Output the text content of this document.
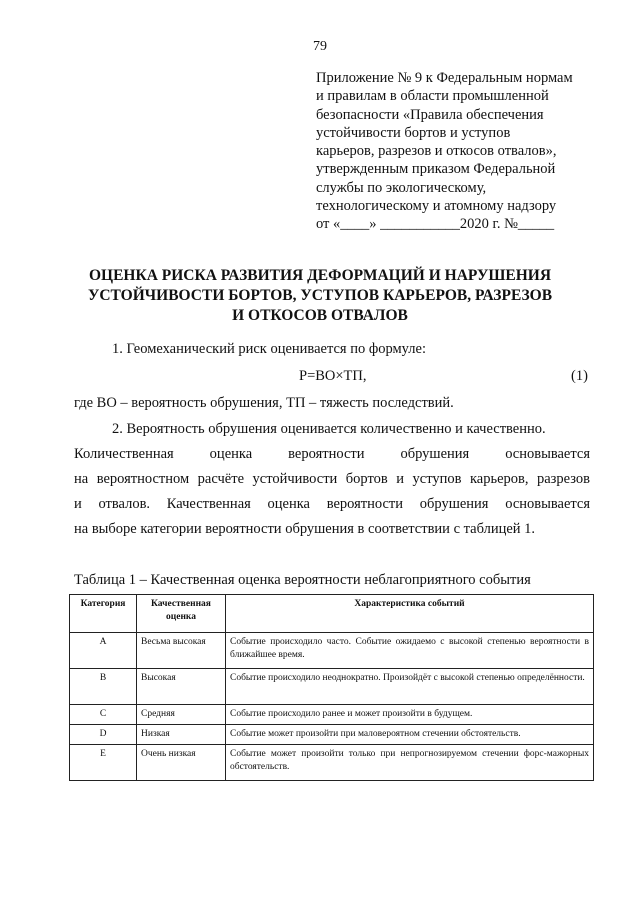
79
Приложение № 9 к Федеральным нормам
и правилам в области промышленной
безопасности «Правила обеспечения
устойчивости бортов и уступов
карьеров, разрезов и откосов отвалов»,
утвержденным приказом Федеральной
службы по экологическому,
технологическому и атомному надзору
от «____» ___________2020 г. №_____
ОЦЕНКА РИСКА РАЗВИТИЯ ДЕФОРМАЦИЙ И НАРУШЕНИЯ
УСТОЙЧИВОСТИ БОРТОВ, УСТУПОВ КАРЬЕРОВ, РАЗРЕЗОВ
И ОТКОСОВ ОТВАЛОВ
1. Геомеханический риск оценивается по формуле:
Р=ВО×ТП,	(1)
где ВО – вероятность обрушения, ТП – тяжесть последствий.
2. Вероятность обрушения оценивается количественно и качественно.
Количественная оценка вероятности обрушения основывается
на вероятностном расчёте устойчивости бортов и уступов карьеров, разрезов
и отвалов. Качественная оценка вероятности обрушения основывается
на выборе категории вероятности обрушения в соответствии с таблицей 1.
Таблица 1 – Качественная оценка вероятности неблагоприятного события
Категория	Качественная оценка	Характеристика событий
А	Весьма высокая	Событие происходило часто. Событие ожидаемо с высокой степенью вероятности в ближайшее время.
В	Высокая	Событие происходило неоднократно. Произойдёт с высокой степенью определённости.
С	Средняя	Событие происходило ранее и может произойти в будущем.
D	Низкая	Событие может произойти при маловероятном стечении обстоятельств.
Е	Очень низкая	Событие может произойти только при непрогнозируемом стечении форс-мажорных обстоятельств.
